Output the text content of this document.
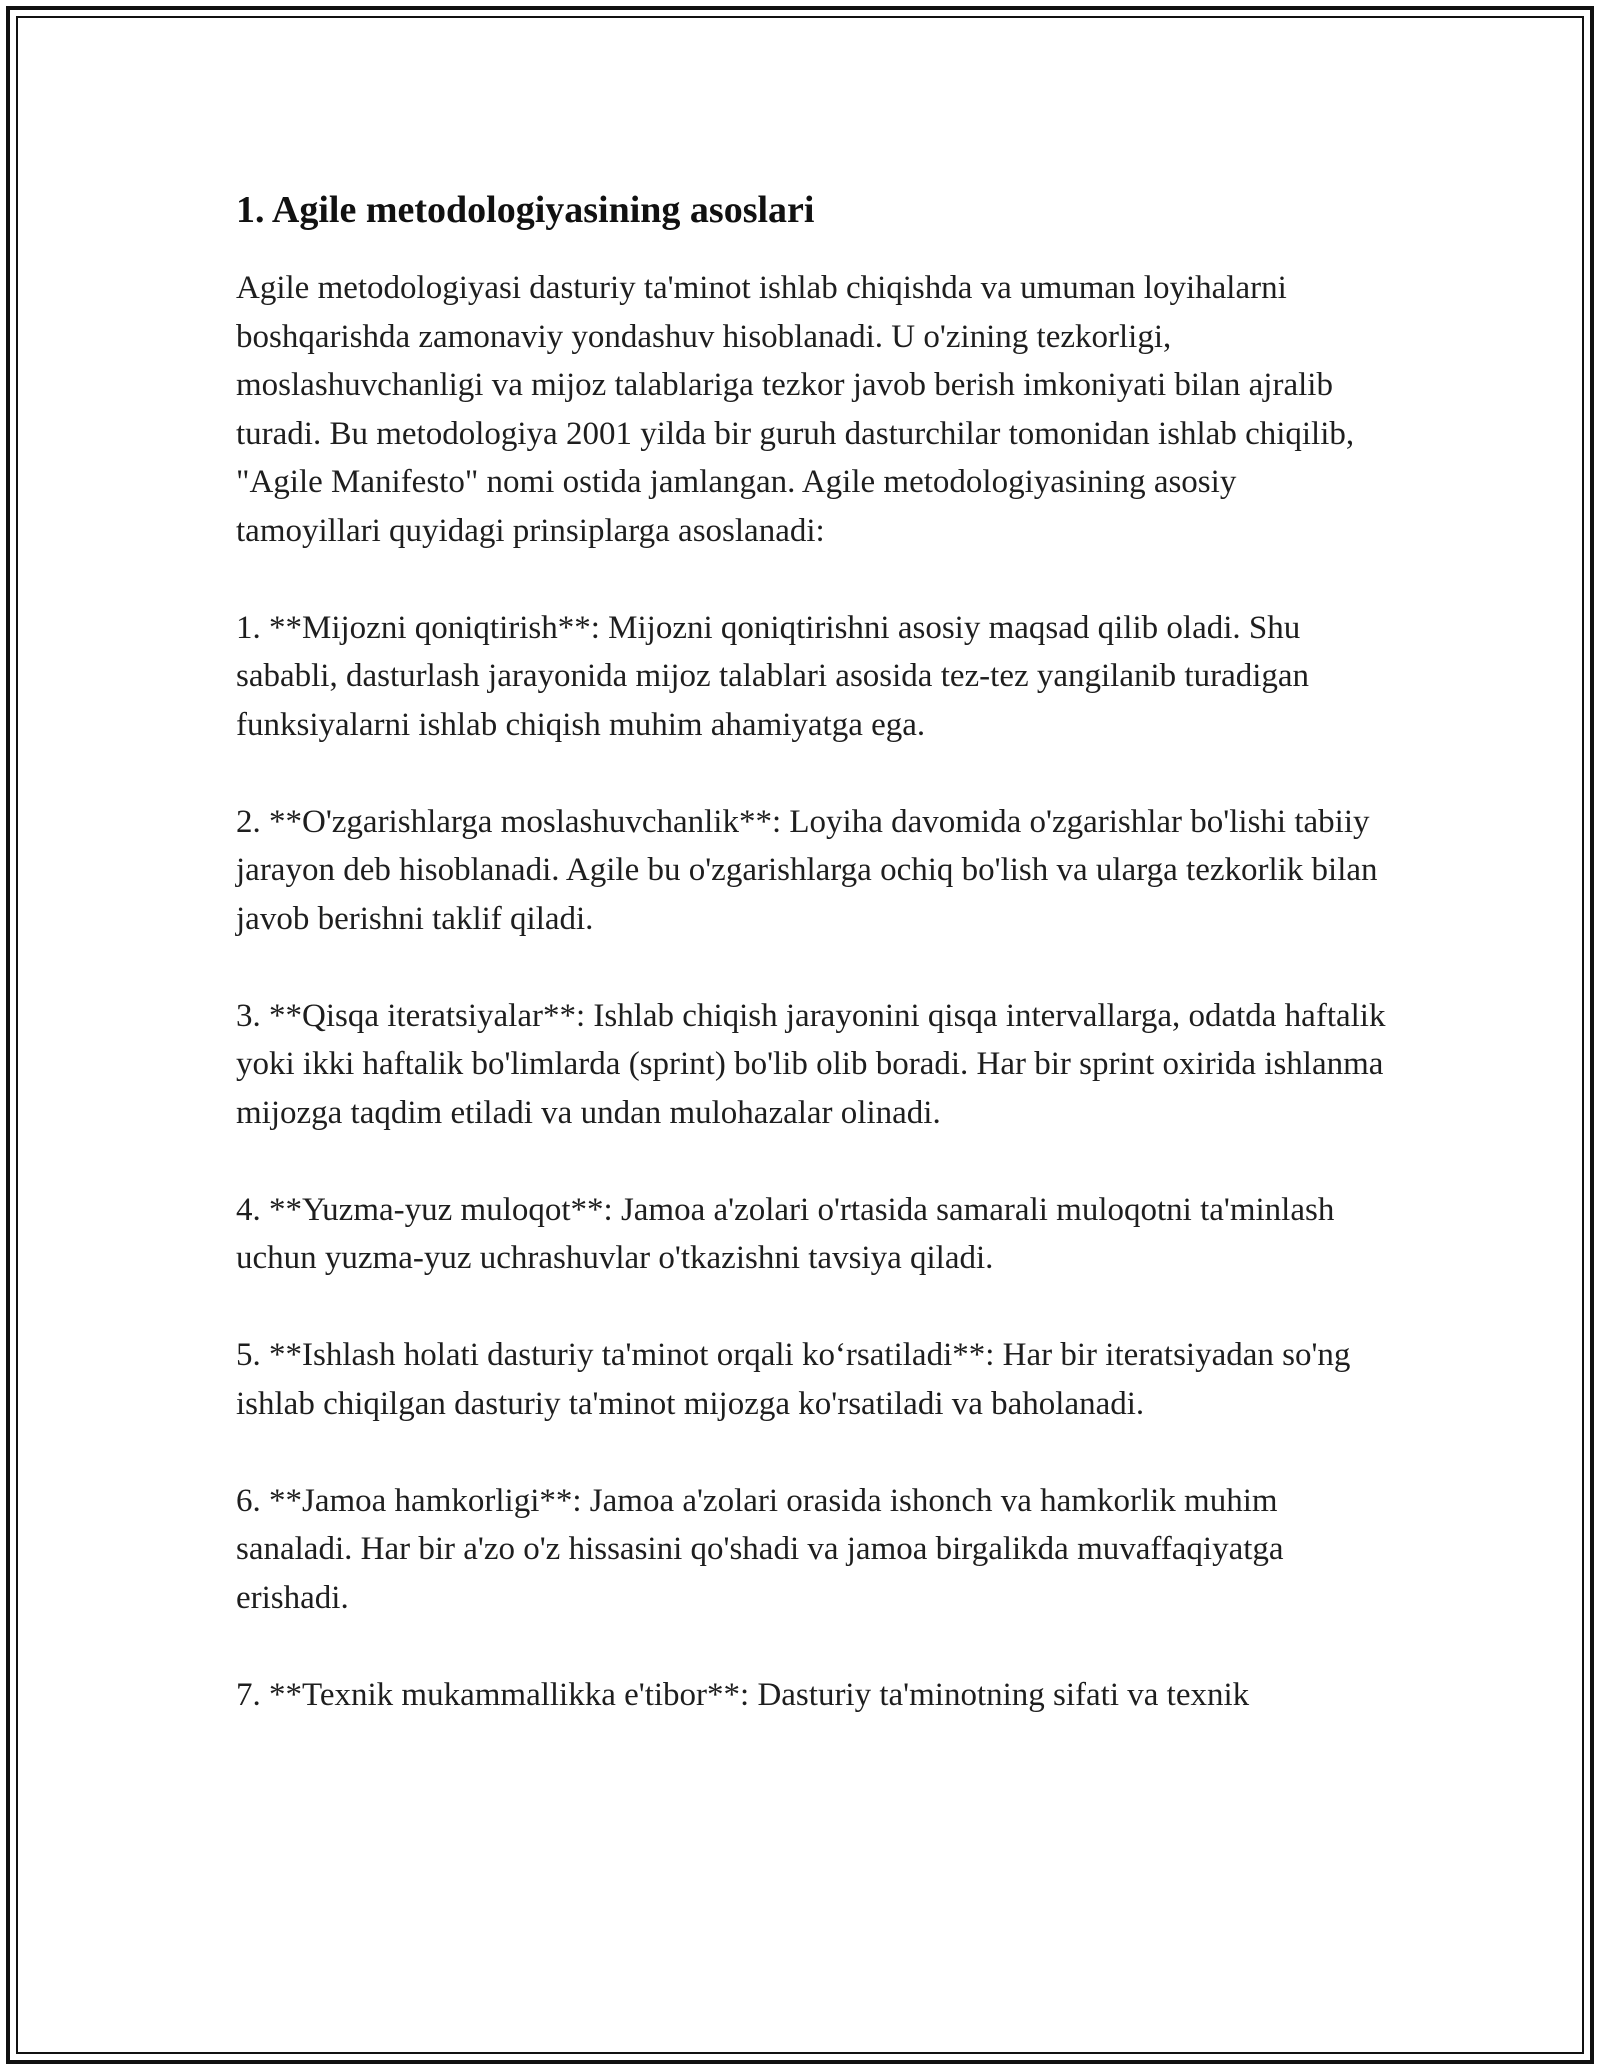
1. Agile metodologiyasining asoslari

Agile metodologiyasi dasturiy ta'minot ishlab chiqishda va umuman loyihalarni boshqarishda zamonaviy yondashuv hisoblanadi. U o'zining tezkorligi, moslashuvchanligi va mijoz talablariga tezkor javob berish imkoniyati bilan ajralib turadi. Bu metodologiya 2001 yilda bir guruh dasturchilar tomonidan ishlab chiqilib, "Agile Manifesto" nomi ostida jamlangan. Agile metodologiyasining asosiy tamoyillari quyidagi prinsiplarga asoslanadi:

1. **Mijozni qoniqtirish**: Mijozni qoniqtirishni asosiy maqsad qilib oladi. Shu sababli, dasturlash jarayonida mijoz talablari asosida tez-tez yangilanib turadigan funksiyalarni ishlab chiqish muhim ahamiyatga ega.

2. **O'zgarishlarga moslashuvchanlik**: Loyiha davomida o'zgarishlar bo'lishi tabiiy jarayon deb hisoblanadi. Agile bu o'zgarishlarga ochiq bo'lish va ularga tezkorlik bilan javob berishni taklif qiladi.

3. **Qisqa iteratsiyalar**: Ishlab chiqish jarayonini qisqa intervallarga, odatda haftalik yoki ikki haftalik bo'limlarda (sprint) bo'lib olib boradi. Har bir sprint oxirida ishlanma mijozga taqdim etiladi va undan mulohazalar olinadi.

4. **Yuzma-yuz muloqot**: Jamoa a'zolari o'rtasida samarali muloqotni ta'minlash uchun yuzma-yuz uchrashuvlar o'tkazishni tavsiya qiladi.

5. **Ishlash holati dasturiy ta'minot orqali ko‘rsatiladi**: Har bir iteratsiyadan so'ng ishlab chiqilgan dasturiy ta'minot mijozga ko'rsatiladi va baholanadi.

6. **Jamoa hamkorligi**: Jamoa a'zolari orasida ishonch va hamkorlik muhim sanaladi. Har bir a'zo o'z hissasini qo'shadi va jamoa birgalikda muvaffaqiyatga erishadi.

7. **Texnik mukammallikka e'tibor**: Dasturiy ta'minotning sifati va texnik
